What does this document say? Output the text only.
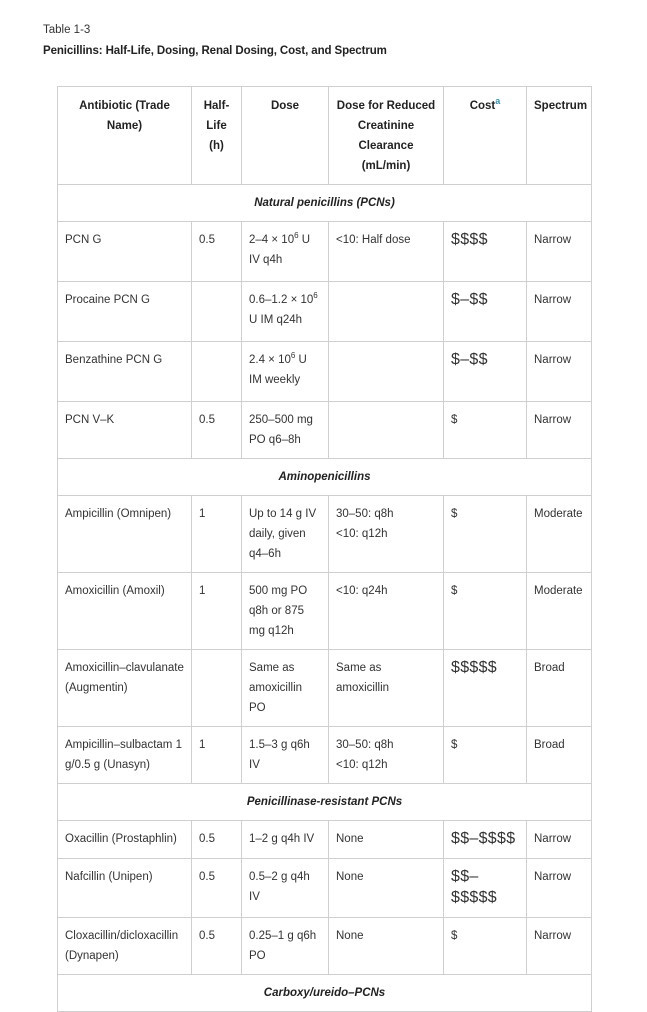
Table 1-3
Penicillins: Half-Life, Dosing, Renal Dosing, Cost, and Spectrum
Antibiotic (Trade Name)	Half-
Life
(h)	Dose	Dose for Reduced
Creatinine
Clearance (mL/min)	Cost$^a$	Spectrum
Natural penicillins (PCNs)					
PCN G	0.5	$2-4 \times 10^6$ U IV q4h	<10: Half dose	$$$$	Narrow
Procaine PCN G		$0.6-1.2 \times 10^6$ U IM q24h		$–$$	Narrow
Benzathine PCN G		$2.4 \times 10^6$ U IM weekly		$–$$	Narrow
PCN V–K	0.5	250–500 mg PO q6–8h		$	Narrow
Aminopenicillins					
Ampicillin (Omnipen)	1	Up to 14 g IV daily, given q4–6h	30–50: q8h
<10: q12h	$	Moderate
Amoxicillin (Amoxil)	1	500 mg PO q8h or 875 mg q12h	<10: q24h	$	Moderate
Amoxicillin–clavulanate (Augmentin)		Same as amoxicillin PO	Same as amoxicillin	$$$$$	Broad
Ampicillin–sulbactam 1 g/0.5 g (Unasyn)	1	1.5–3 g q6h IV	30–50: q8h
<10: q12h	$	Broad
Penicillinase-resistant PCNs					
Oxacillin (Prostaphlin)	0.5	1–2 g q4h IV	None	$$–$$$$	Narrow
Nafcillin (Unipen)	0.5	0.5–2 g q4h IV	None	$$–$$$$$	Narrow
Cloxacillin/dicloxacillin (Dynapen)	0.5	0.25–1 g q6h PO	None	$	Narrow
Carboxy/ureido–PCNs					
